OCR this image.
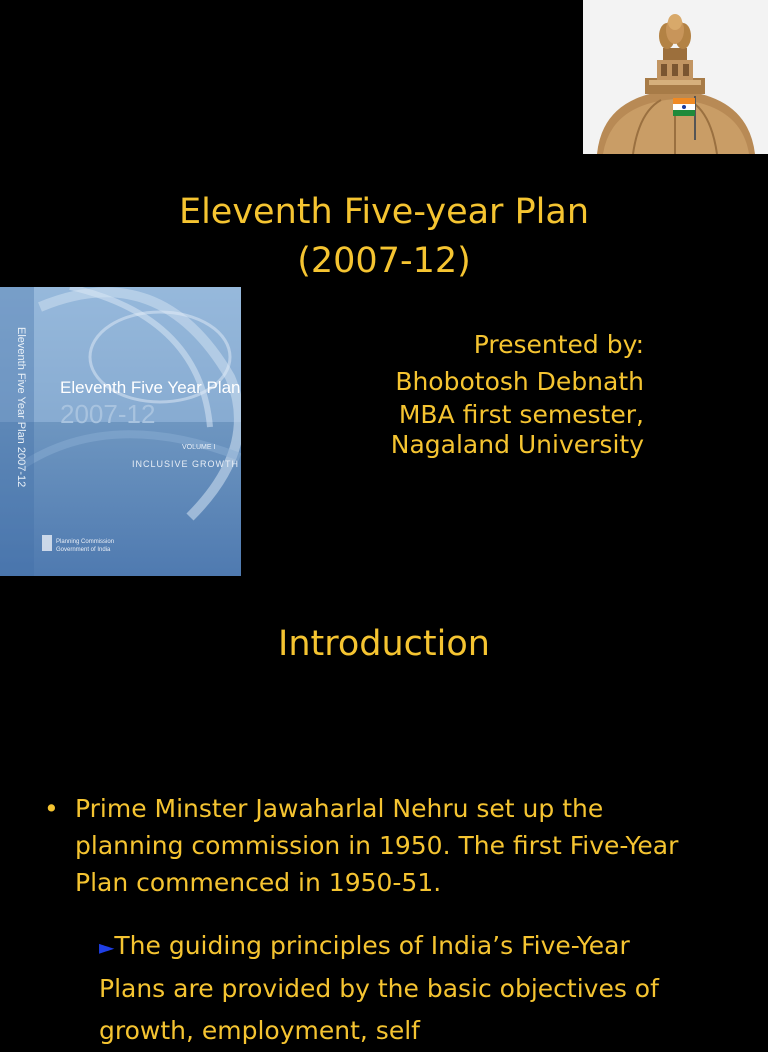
Eleventh Five-year Plan
(2007-12)
Eleventh Five Year Plan 2007-12 Eleventh Five Year Plan
2007-12
VOLUME I
INCLUSIVE GROWTH
Planning Commission
Government of India
Presented by:
Bhobotosh Debnath
MBA first semester,
Nagaland University
Introduction
• Prime Minster Jawaharlal Nehru set up the planning commission in 1950. The first Five-Year Plan commenced in 1950-51.
►The guiding principles of India’s Five-Year Plans are provided by the basic objectives of growth, employment, self
